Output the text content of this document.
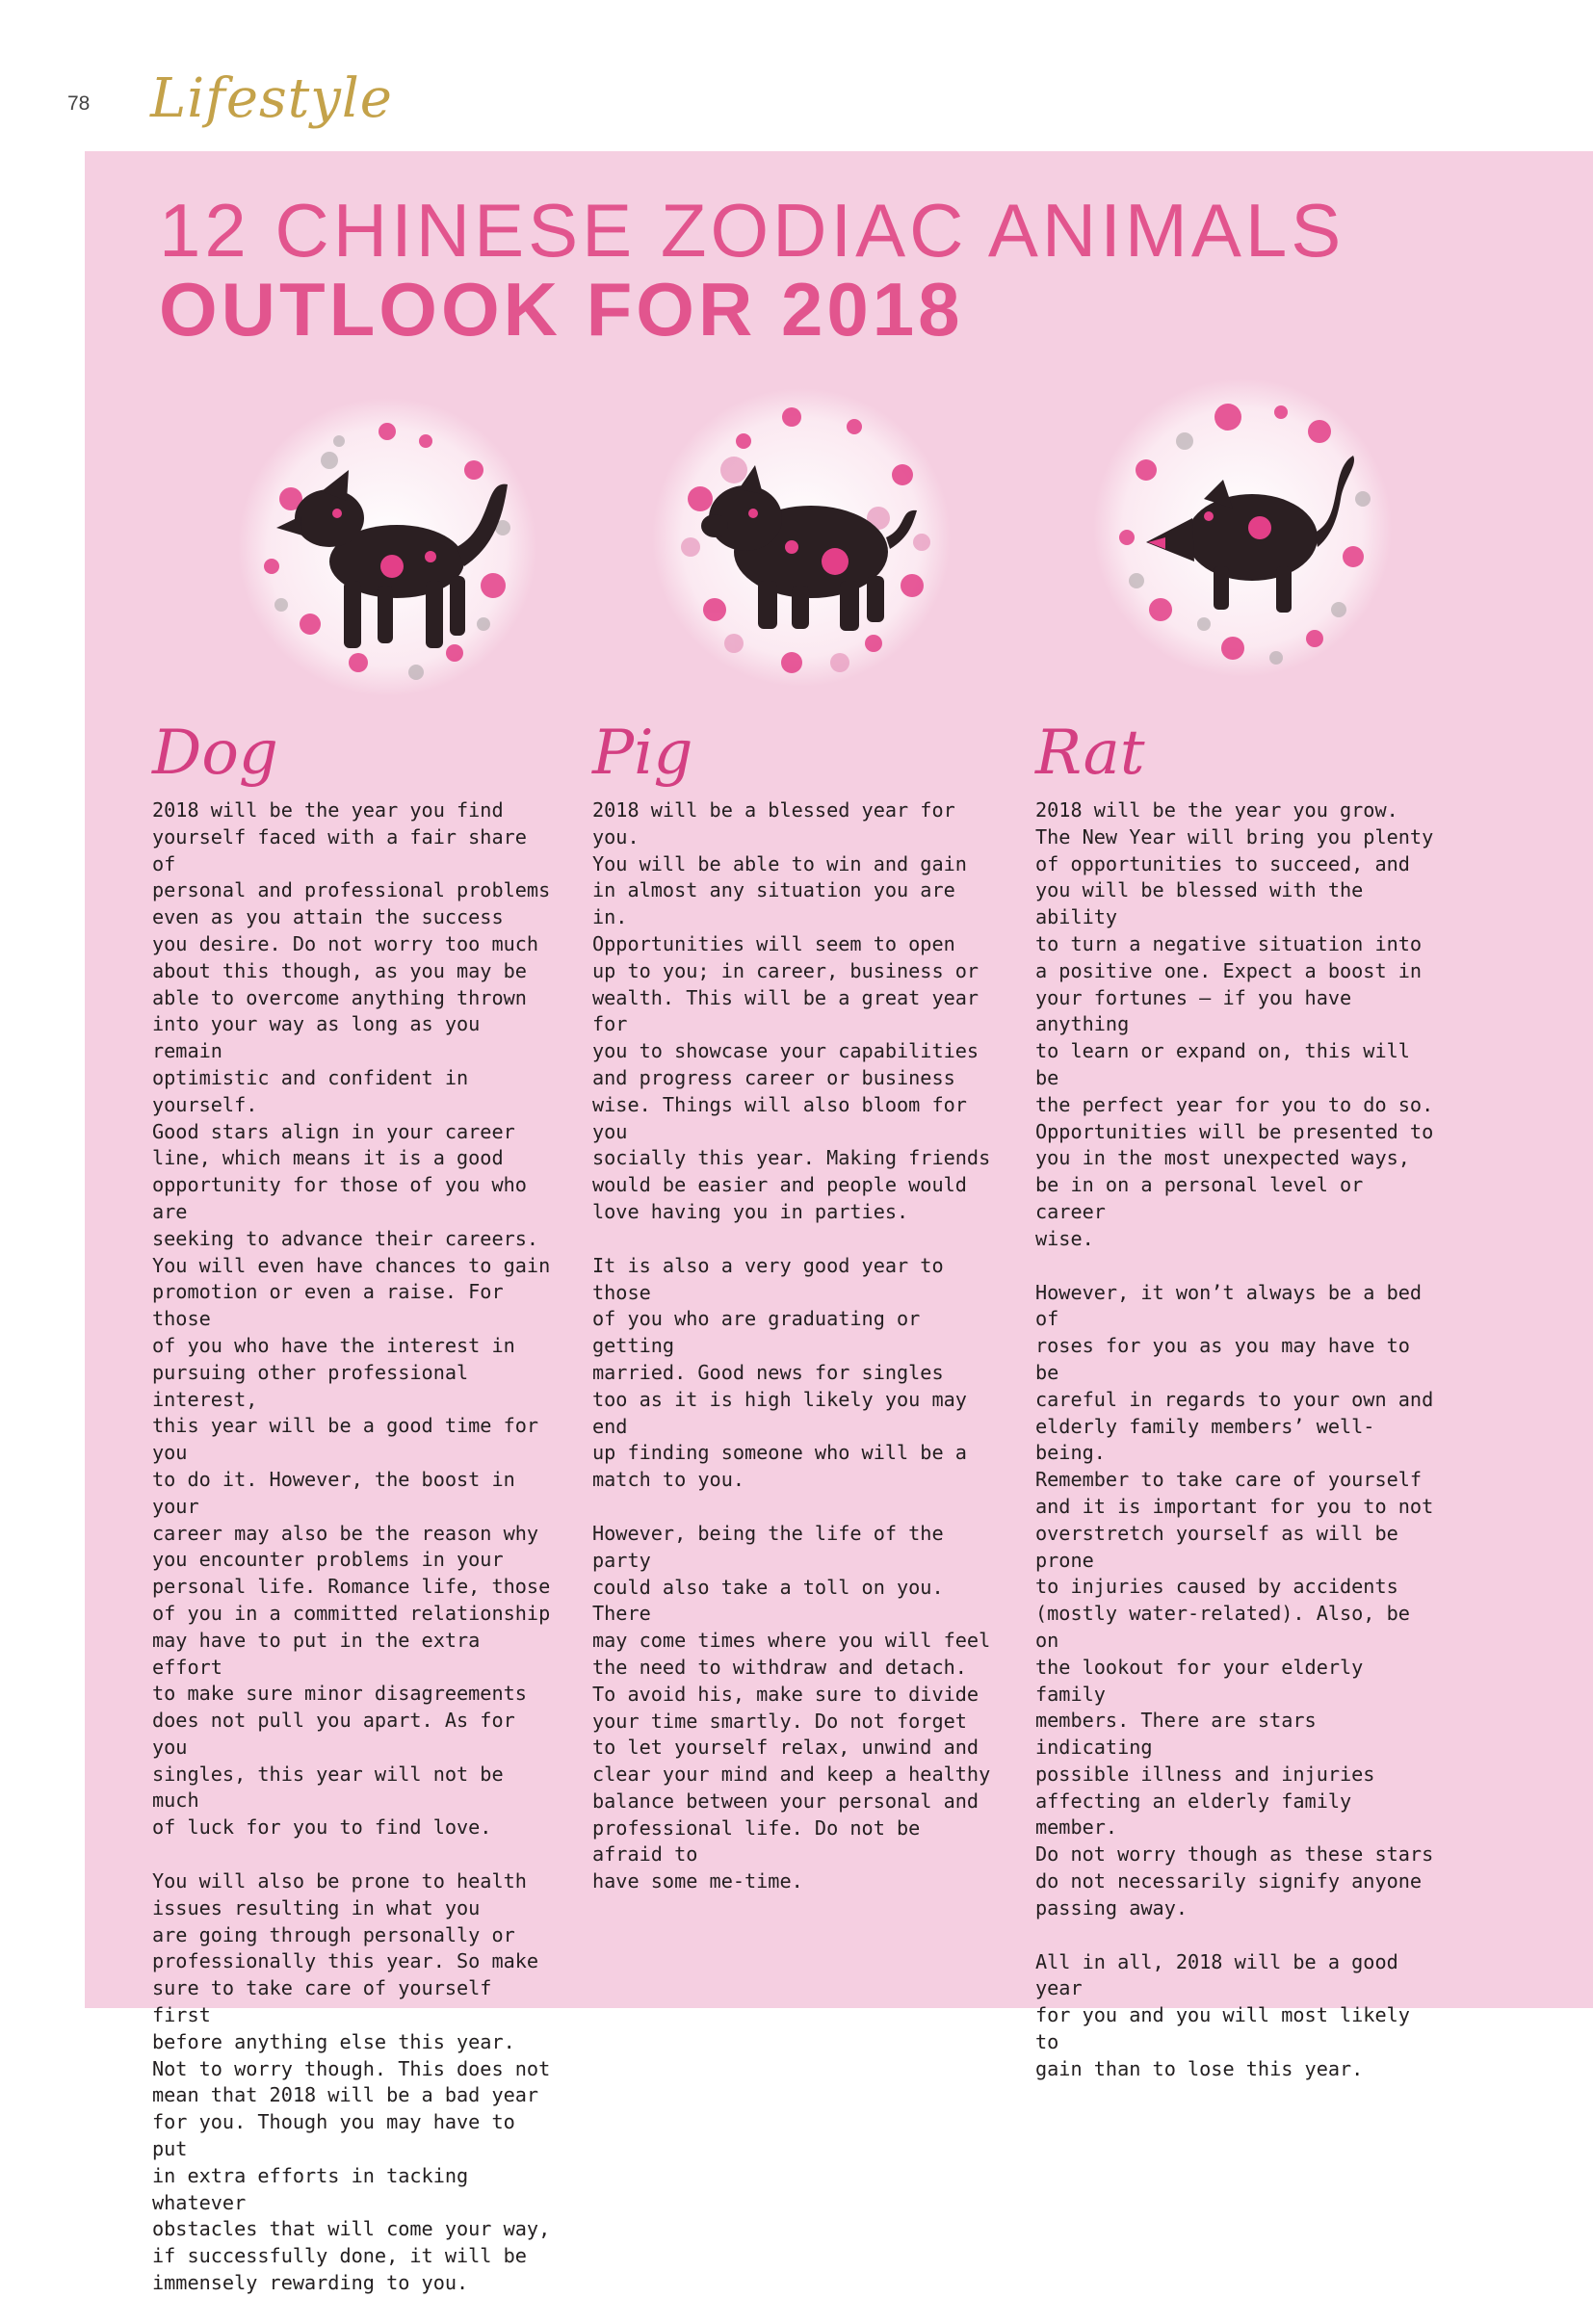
78 Lifestyle
12 CHINESE ZODIAC ANIMALS
OUTLOOK FOR 2018
Dog

2018 will be the year you find
yourself faced with a fair share of
personal and professional problems
even as you attain the success
you desire. Do not worry too much
about this though, as you may be
able to overcome anything thrown
into your way as long as you remain
optimistic and confident in yourself.
Good stars align in your career
line, which means it is a good
opportunity for those of you who are
seeking to advance their careers.
You will even have chances to gain
promotion or even a raise. For those
of you who have the interest in
pursuing other professional interest,
this year will be a good time for you
to do it. However, the boost in your
career may also be the reason why
you encounter problems in your
personal life. Romance life, those
of you in a committed relationship
may have to put in the extra effort
to make sure minor disagreements
does not pull you apart. As for you
singles, this year will not be much
of luck for you to find love.

You will also be prone to health
issues resulting in what you
are going through personally or
professionally this year. So make
sure to take care of yourself first
before anything else this year.
Not to worry though. This does not
mean that 2018 will be a bad year
for you. Though you may have to put
in extra efforts in tacking whatever
obstacles that will come your way,
if successfully done, it will be
immensely rewarding to you.

Pig

2018 will be a blessed year for you.
You will be able to win and gain
in almost any situation you are in.
Opportunities will seem to open
up to you; in career, business or
wealth. This will be a great year for
you to showcase your capabilities
and progress career or business
wise. Things will also bloom for you
socially this year. Making friends
would be easier and people would
love having you in parties.

It is also a very good year to those
of you who are graduating or getting
married. Good news for singles
too as it is high likely you may end
up finding someone who will be a
match to you.

However, being the life of the party
could also take a toll on you. There
may come times where you will feel
the need to withdraw and detach.
To avoid his, make sure to divide
your time smartly. Do not forget
to let yourself relax, unwind and
clear your mind and keep a healthy
balance between your personal and
professional life. Do not be afraid to
have some me-time.

Rat

2018 will be the year you grow.
The New Year will bring you plenty
of opportunities to succeed, and
you will be blessed with the ability
to turn a negative situation into
a positive one. Expect a boost in
your fortunes – if you have anything
to learn or expand on, this will be
the perfect year for you to do so.
Opportunities will be presented to
you in the most unexpected ways,
be in on a personal level or career
wise.

However, it won’t always be a bed of
roses for you as you may have to be
careful in regards to your own and
elderly family members’ well-being.
Remember to take care of yourself
and it is important for you to not
overstretch yourself as will be prone
to injuries caused by accidents
(mostly water-related). Also, be on
the lookout for your elderly family
members. There are stars indicating
possible illness and injuries
affecting an elderly family member.
Do not worry though as these stars
do not necessarily signify anyone
passing away.

All in all, 2018 will be a good year
for you and you will most likely to
gain than to lose this year.
